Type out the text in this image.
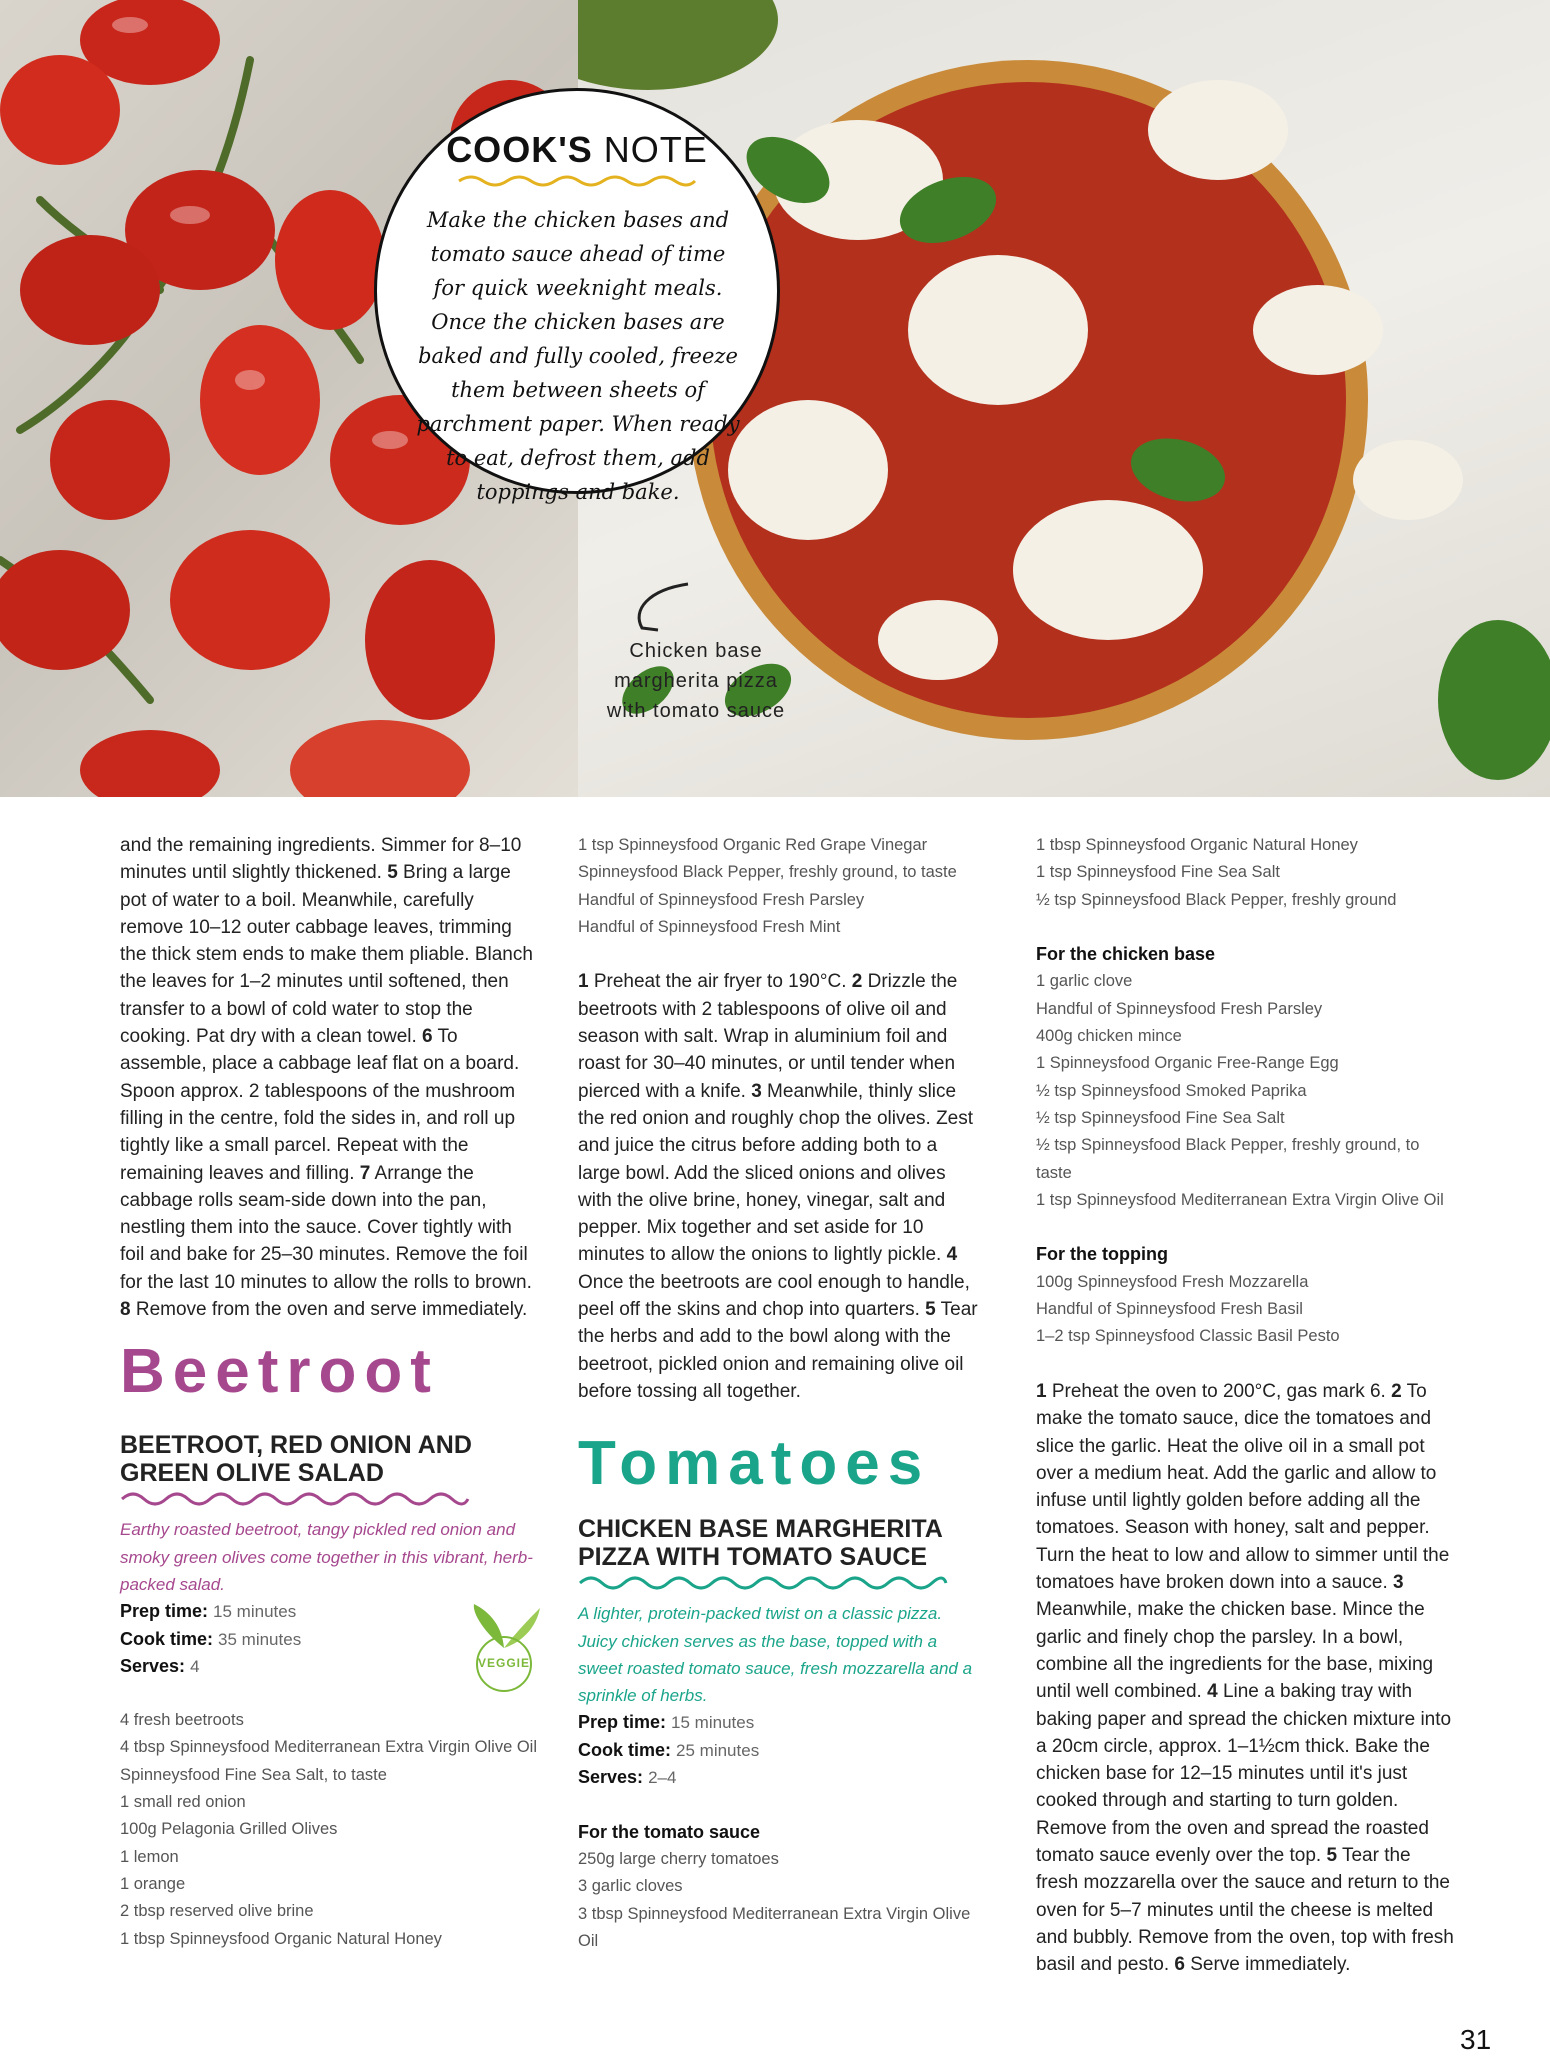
COOK'S NOTE
Make the chicken bases and tomato sauce ahead of time for quick weeknight meals. Once the chicken bases are baked and fully cooled, freeze them between sheets of parchment paper. When ready to eat, defrost them, add toppings and bake.
Chicken base
margherita pizza
with tomato sauce

and the remaining ingredients. Simmer for 8–10 minutes until slightly thickened. 5 Bring a large pot of water to a boil. Meanwhile, carefully remove 10–12 outer cabbage leaves, trimming the thick stem ends to make them pliable. Blanch the leaves for 1–2 minutes until softened, then transfer to a bowl of cold water to stop the cooking. Pat dry with a clean towel. 6 To assemble, place a cabbage leaf flat on a board. Spoon approx. 2 tablespoons of the mushroom filling in the centre, fold the sides in, and roll up tightly like a small parcel. Repeat with the remaining leaves and filling. 7 Arrange the cabbage rolls seam-side down into the pan, nestling them into the sauce. Cover tightly with foil and bake for 25–30 minutes. Remove the foil for the last 10 minutes to allow the rolls to brown. 8 Remove from the oven and serve immediately.

Beetroot
BEETROOT, RED ONION AND
GREEN OLIVE SALAD

Earthy roasted beetroot, tangy pickled red onion and smoky green olives come together in this vibrant, herb-packed salad.

Prep time: 15 minutes

Cook time: 35 minutes

Serves: 4

4 fresh beetroots

4 tbsp Spinneysfood Mediterranean Extra Virgin Olive Oil

Spinneysfood Fine Sea Salt, to taste

1 small red onion

100g Pelagonia Grilled Olives

1 lemon

1 orange

2 tbsp reserved olive brine

1 tbsp Spinneysfood Organic Natural Honey

VEGGIE

1 tsp Spinneysfood Organic Red Grape Vinegar

Spinneysfood Black Pepper, freshly ground, to taste

Handful of Spinneysfood Fresh Parsley

Handful of Spinneysfood Fresh Mint

1 Preheat the air fryer to 190°C. 2 Drizzle the beetroots with 2 tablespoons of olive oil and season with salt. Wrap in aluminium foil and roast for 30–40 minutes, or until tender when pierced with a knife. 3 Meanwhile, thinly slice the red onion and roughly chop the olives. Zest and juice the citrus before adding both to a large bowl. Add the sliced onions and olives with the olive brine, honey, vinegar, salt and pepper. Mix together and set aside for 10 minutes to allow the onions to lightly pickle. 4 Once the beetroots are cool enough to handle, peel off the skins and chop into quarters. 5 Tear the herbs and add to the bowl along with the beetroot, pickled onion and remaining olive oil before tossing all together.

Tomatoes
CHICKEN BASE MARGHERITA
PIZZA WITH TOMATO SAUCE

A lighter, protein-packed twist on a classic pizza. Juicy chicken serves as the base, topped with a sweet roasted tomato sauce, fresh mozzarella and a sprinkle of herbs.

Prep time: 15 minutes

Cook time: 25 minutes

Serves: 2–4

For the tomato sauce

250g large cherry tomatoes

3 garlic cloves

3 tbsp Spinneysfood Mediterranean Extra Virgin Olive Oil

1 tbsp Spinneysfood Organic Natural Honey

1 tsp Spinneysfood Fine Sea Salt

½ tsp Spinneysfood Black Pepper, freshly ground

For the chicken base

1 garlic clove

Handful of Spinneysfood Fresh Parsley

400g chicken mince

1 Spinneysfood Organic Free-Range Egg

½ tsp Spinneysfood Smoked Paprika

½ tsp Spinneysfood Fine Sea Salt

½ tsp Spinneysfood Black Pepper, freshly ground, to taste

1 tsp Spinneysfood Mediterranean Extra Virgin Olive Oil

For the topping

100g Spinneysfood Fresh Mozzarella

Handful of Spinneysfood Fresh Basil

1–2 tsp Spinneysfood Classic Basil Pesto

1 Preheat the oven to 200°C, gas mark 6. 2 To make the tomato sauce, dice the tomatoes and slice the garlic. Heat the olive oil in a small pot over a medium heat. Add the garlic and allow to infuse until lightly golden before adding all the tomatoes. Season with honey, salt and pepper. Turn the heat to low and allow to simmer until the tomatoes have broken down into a sauce. 3 Meanwhile, make the chicken base. Mince the garlic and finely chop the parsley. In a bowl, combine all the ingredients for the base, mixing until well combined. 4 Line a baking tray with baking paper and spread the chicken mixture into a 20cm circle, approx. 1–1½cm thick. Bake the chicken base for 12–15 minutes until it's just cooked through and starting to turn golden. Remove from the oven and spread the roasted tomato sauce evenly over the top. 5 Tear the fresh mozzarella over the sauce and return to the oven for 5–7 minutes until the cheese is melted and bubbly. Remove from the oven, top with fresh basil and pesto. 6 Serve immediately.

31
